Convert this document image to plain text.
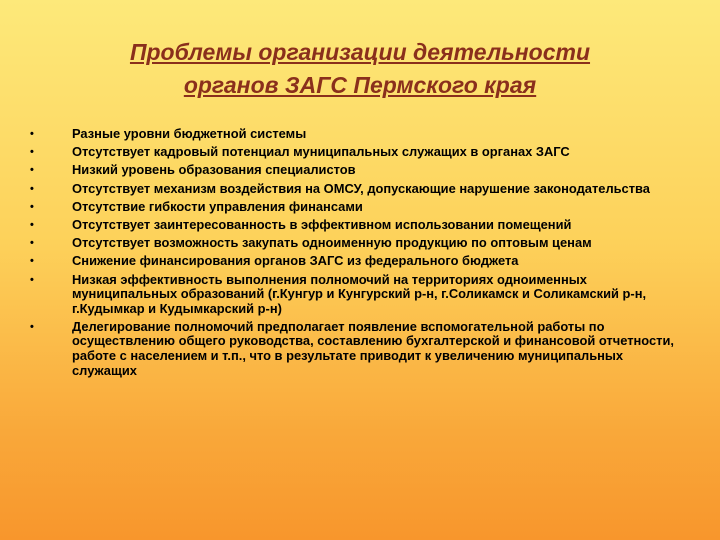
Проблемы организации деятельности
органов ЗАГС Пермского края
•	Разные уровни бюджетной системы
•	Отсутствует кадровый потенциал муниципальных служащих в органах ЗАГС
•	Низкий уровень образования специалистов
•	Отсутствует механизм воздействия на ОМСУ, допускающие нарушение законодательства
•	Отсутствие гибкости управления финансами
•	Отсутствует заинтересованность в эффективном использовании помещений
•	Отсутствует возможность закупать одноименную продукцию по оптовым ценам
•	Снижение финансирования органов ЗАГС из федерального бюджета
•	Низкая эффективность выполнения полномочий на территориях одноименных муниципальных образований (г.Кунгур и Кунгурский р-н, г.Соликамск и Соликамский р-н, г.Кудымкар и Кудымкарский р-н)
•	Делегирование полномочий предполагает появление вспомогательной работы по осуществлению общего руководства, составлению бухгалтерской и финансовой отчетности, работе с населением и т.п., что в результате приводит к увеличению муниципальных служащих
